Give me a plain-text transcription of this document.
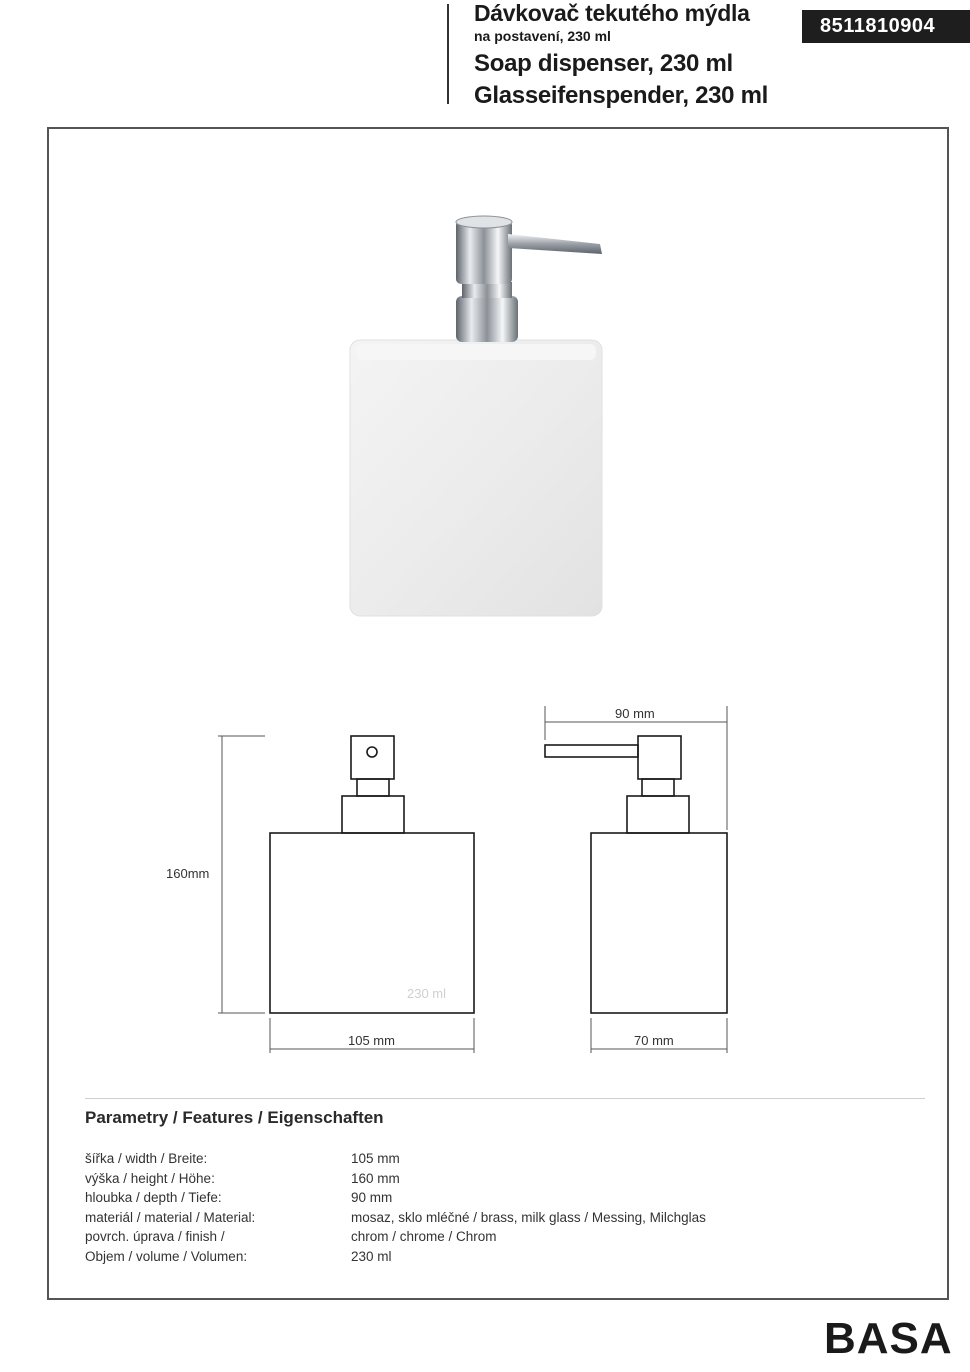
Dávkovač tekutého mýdla
na postavení, 230 ml
Soap dispenser, 230 ml
Glasseifenspender, 230 ml
8511810904
160mm
105 mm
90 mm
70 mm
230 ml
Parametry / Features / Eigenschaften
šířka / width / Breite:	105 mm
výška / height / Höhe:	160 mm
hloubka / depth / Tiefe:	90 mm
materiál / material / Material:	mosaz, sklo mléčné / brass, milk glass / Messing, Milchglas
povrch. úprava / finish /	chrom / chrome / Chrom
Objem / volume / Volumen:	230 ml
BASA
